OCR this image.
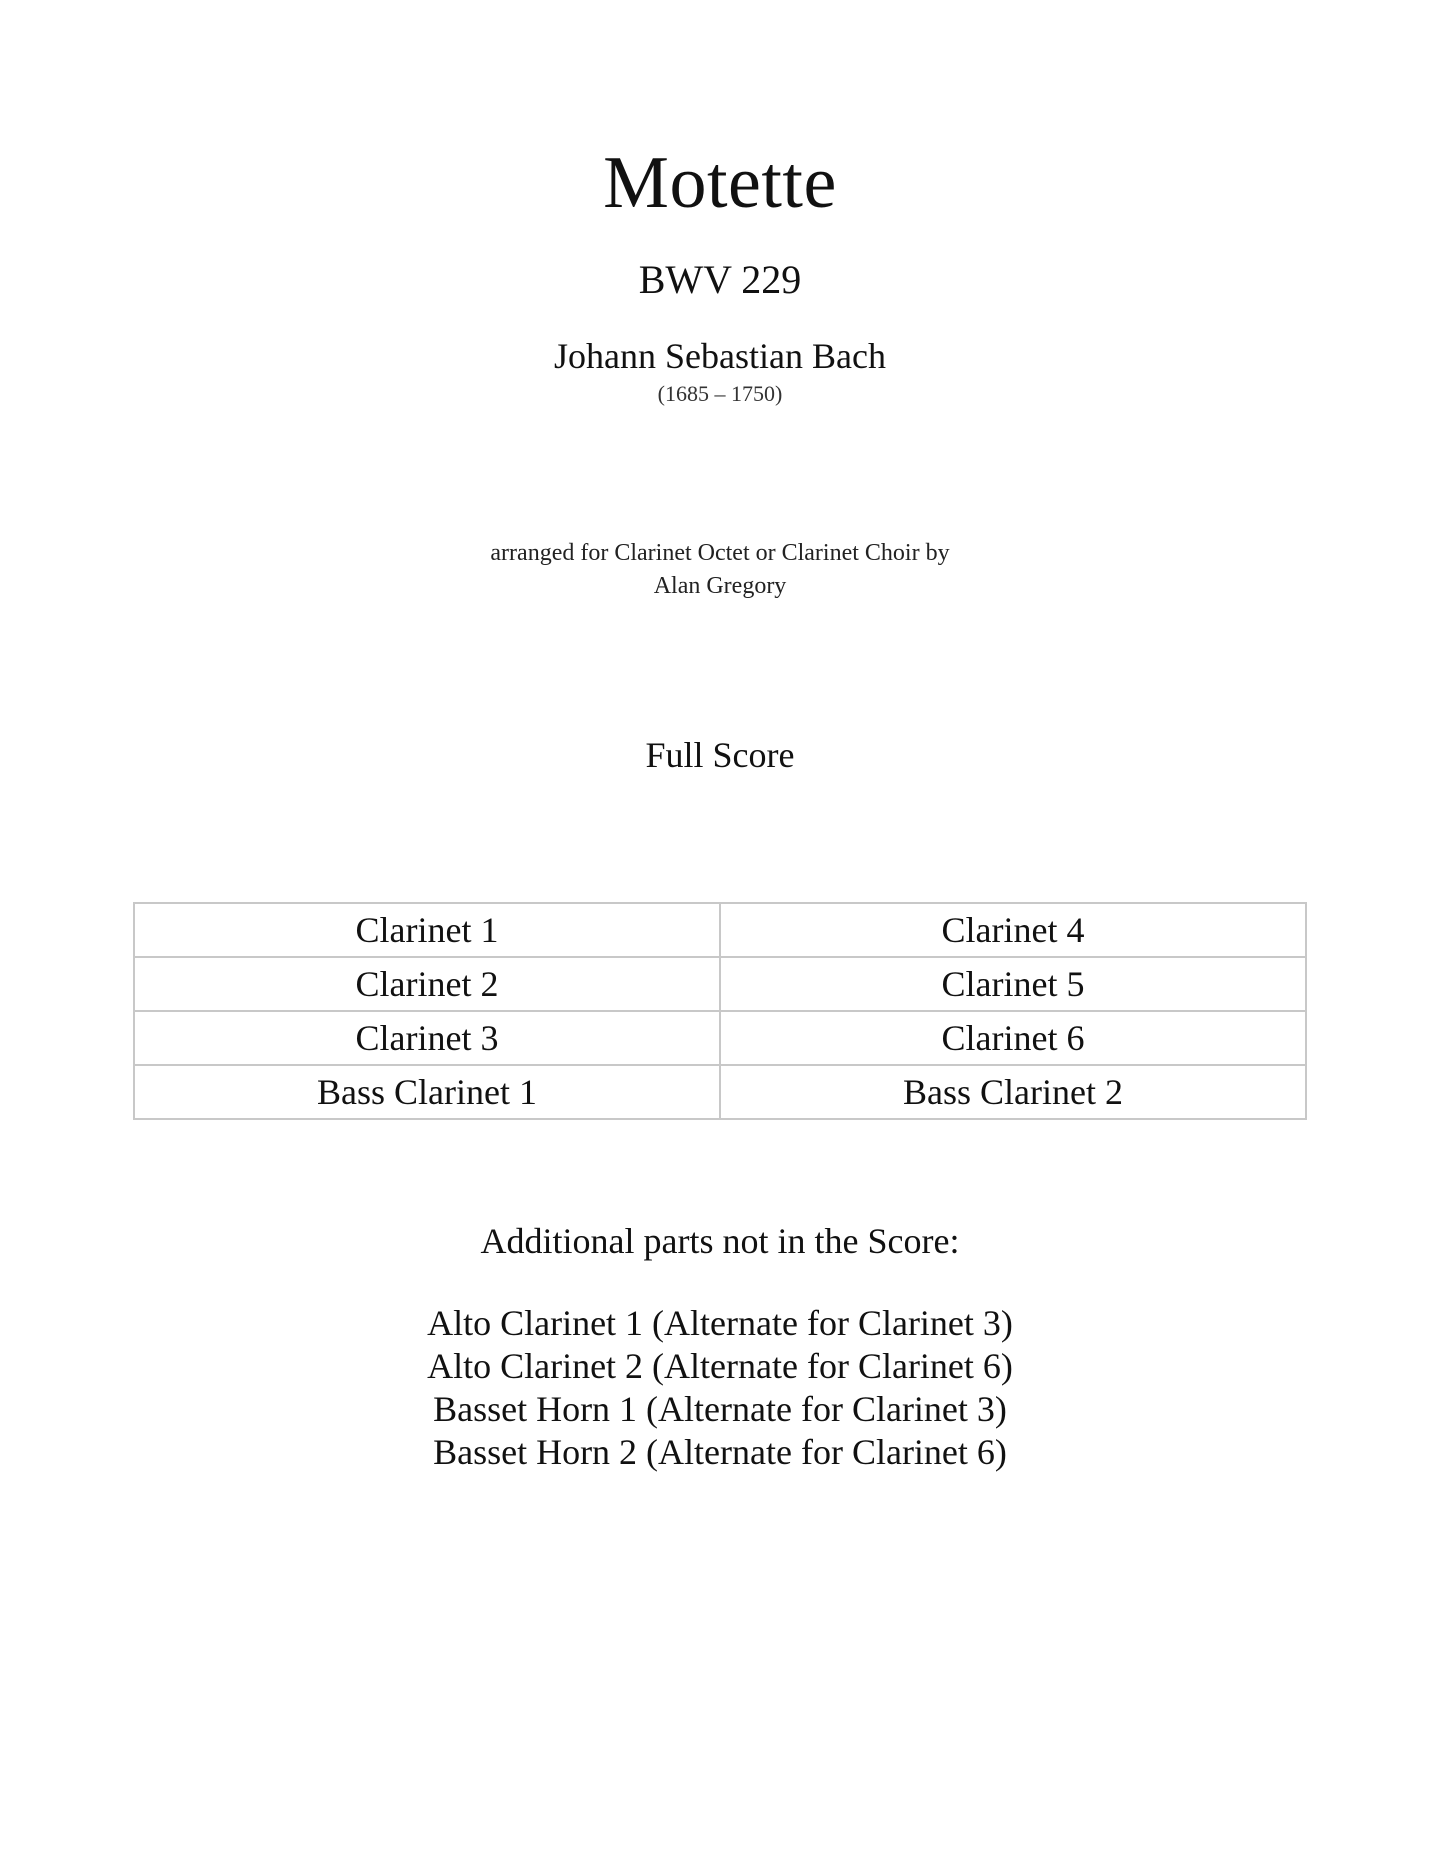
Motette
BWV 229
Johann Sebastian Bach
(1685 – 1750)
arranged for Clarinet Octet or Clarinet Choir by
Alan Gregory
Full Score
Clarinet 1	Clarinet 4
Clarinet 2	Clarinet 5
Clarinet 3	Clarinet 6
Bass Clarinet 1	Bass Clarinet 2
Additional parts not in the Score:
Alto Clarinet 1 (Alternate for Clarinet 3)
Alto Clarinet 2 (Alternate for Clarinet 6)
Basset Horn 1 (Alternate for Clarinet 3)
Basset Horn 2 (Alternate for Clarinet 6)
